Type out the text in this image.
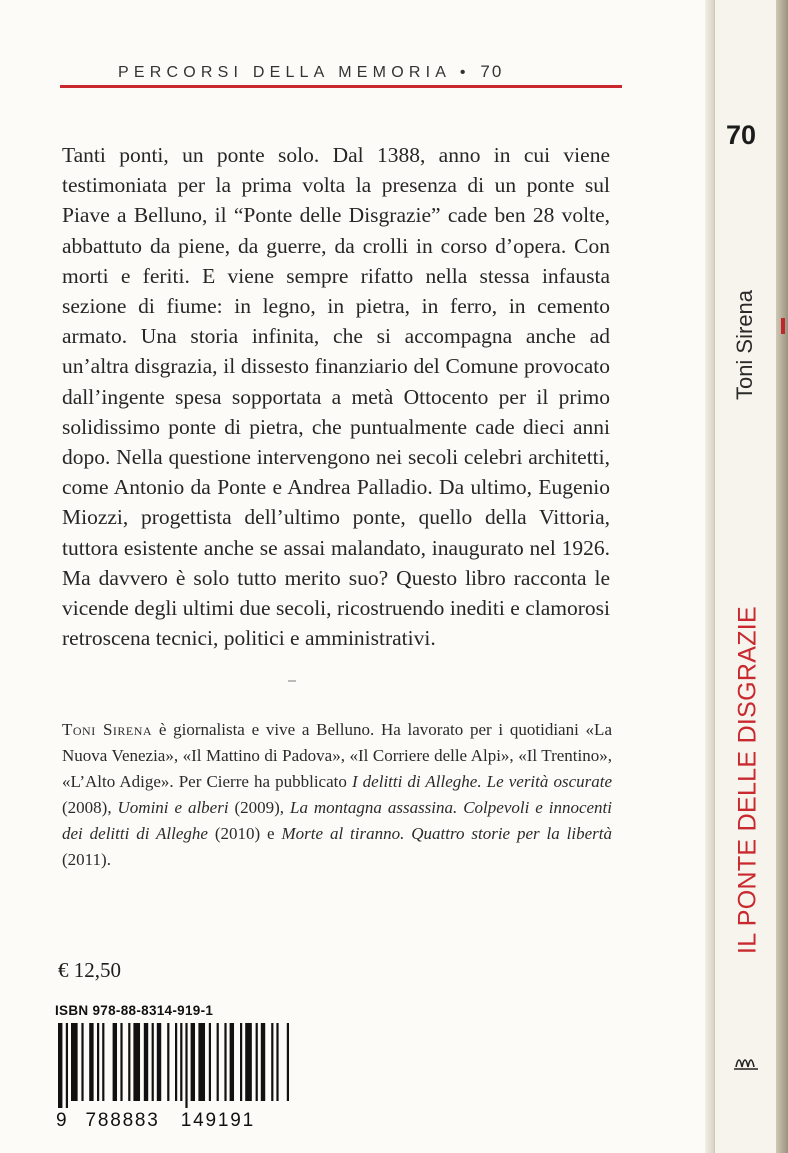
PERCORSI DELLA MEMORIA • 70

Tanti ponti, un ponte solo. Dal 1388, anno in cui viene testimoniata per la prima volta la presenza di un ponte sul Piave a Belluno, il “Ponte delle Disgrazie” cade ben 28 volte, abbattuto da piene, da guerre, da crolli in corso d’opera. Con morti e feriti. E viene sempre rifatto nella stessa infausta sezione di fiume: in legno, in pietra, in ferro, in cemento armato. Una storia infinita, che si accompagna anche ad un’altra disgrazia, il dissesto finanziario del Comune provocato dall’ingente spesa sopportata a metà Ottocento per il primo solidissimo ponte di pietra, che puntualmente cade dieci anni dopo. Nella questione intervengono nei secoli celebri architetti, come Antonio da Ponte e Andrea Palladio. Da ultimo, Eugenio Miozzi, progettista dell’ultimo ponte, quello della Vittoria, tuttora esistente anche se assai malandato, inaugurato nel 1926. Ma davvero è solo tutto merito suo? Questo libro racconta le vicende degli ultimi due secoli, ricostruendo inediti e clamorosi retroscena tecnici, politici e amministrativi.

Toni Sirena è giornalista e vive a Belluno. Ha lavorato per i quotidiani «La Nuova Venezia», «Il Mattino di Padova», «Il Corriere delle Alpi», «Il Trentino», «L’Alto Adige». Per Cierre ha pubblicato I delitti di Alleghe. Le verità oscurate (2008), Uomini e alberi (2009), La montagna assassina. Colpevoli e innocenti dei delitti di Alleghe (2010) e Morte al tiranno. Quattro storie per la libertà (2011).
€ 12,50
ISBN 978-88-8314-919-1
9 788883 149191
70
Toni Sirena
IL PONTE DELLE DISGRAZIE
